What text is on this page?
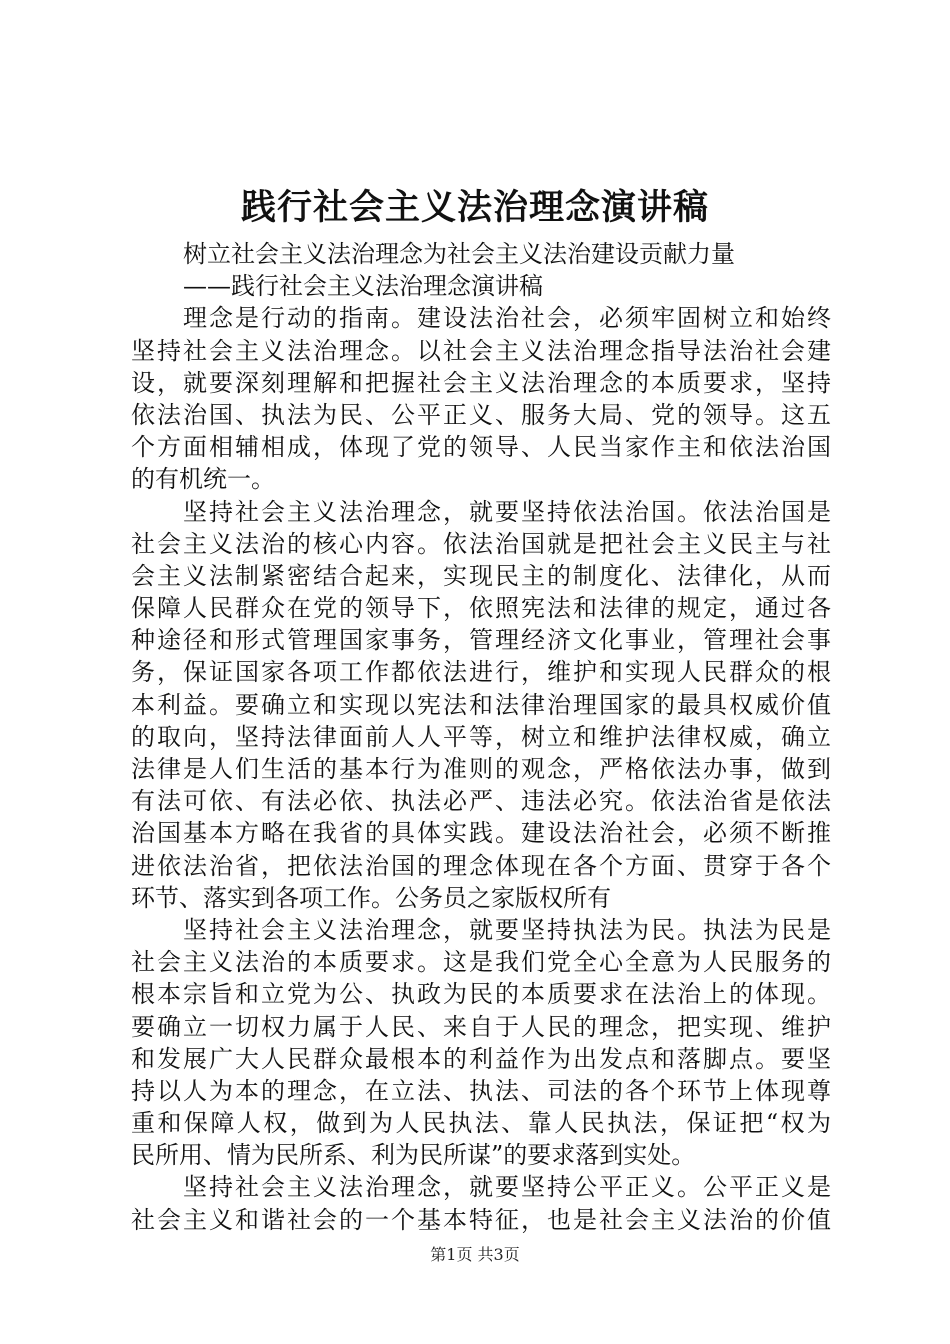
践行社会主义法治理念演讲稿
树立社会主义法治理念为社会主义法治建设贡献力量
——践行社会主义法治理念演讲稿
理念是行动的指南。建设法治社会，必须牢固树立和始终
坚持社会主义法治理念。以社会主义法治理念指导法治社会建
设，就要深刻理解和把握社会主义法治理念的本质要求，坚持
依法治国、执法为民、公平正义、服务大局、党的领导。这五
个方面相辅相成，体现了党的领导、人民当家作主和依法治国
的有机统一。
坚持社会主义法治理念，就要坚持依法治国。依法治国是
社会主义法治的核心内容。依法治国就是把社会主义民主与社
会主义法制紧密结合起来，实现民主的制度化、法律化，从而
保障人民群众在党的领导下，依照宪法和法律的规定，通过各
种途径和形式管理国家事务，管理经济文化事业，管理社会事
务，保证国家各项工作都依法进行，维护和实现人民群众的根
本利益。要确立和实现以宪法和法律治理国家的最具权威价值
的取向，坚持法律面前人人平等，树立和维护法律权威，确立
法律是人们生活的基本行为准则的观念，严格依法办事，做到
有法可依、有法必依、执法必严、违法必究。依法治省是依法
治国基本方略在我省的具体实践。建设法治社会，必须不断推
进依法治省，把依法治国的理念体现在各个方面、贯穿于各个
环节、落实到各项工作。公务员之家版权所有
坚持社会主义法治理念，就要坚持执法为民。执法为民是
社会主义法治的本质要求。这是我们党全心全意为人民服务的
根本宗旨和立党为公、执政为民的本质要求在法治上的体现。
要确立一切权力属于人民、来自于人民的理念，把实现、维护
和发展广大人民群众最根本的利益作为出发点和落脚点。要坚
持以人为本的理念，在立法、执法、司法的各个环节上体现尊
重和保障人权，做到为人民执法、靠人民执法，保证把“权为
民所用、情为民所系、利为民所谋”的要求落到实处。
坚持社会主义法治理念，就要坚持公平正义。公平正义是
社会主义和谐社会的一个基本特征，也是社会主义法治的价值
第1页 共3页
